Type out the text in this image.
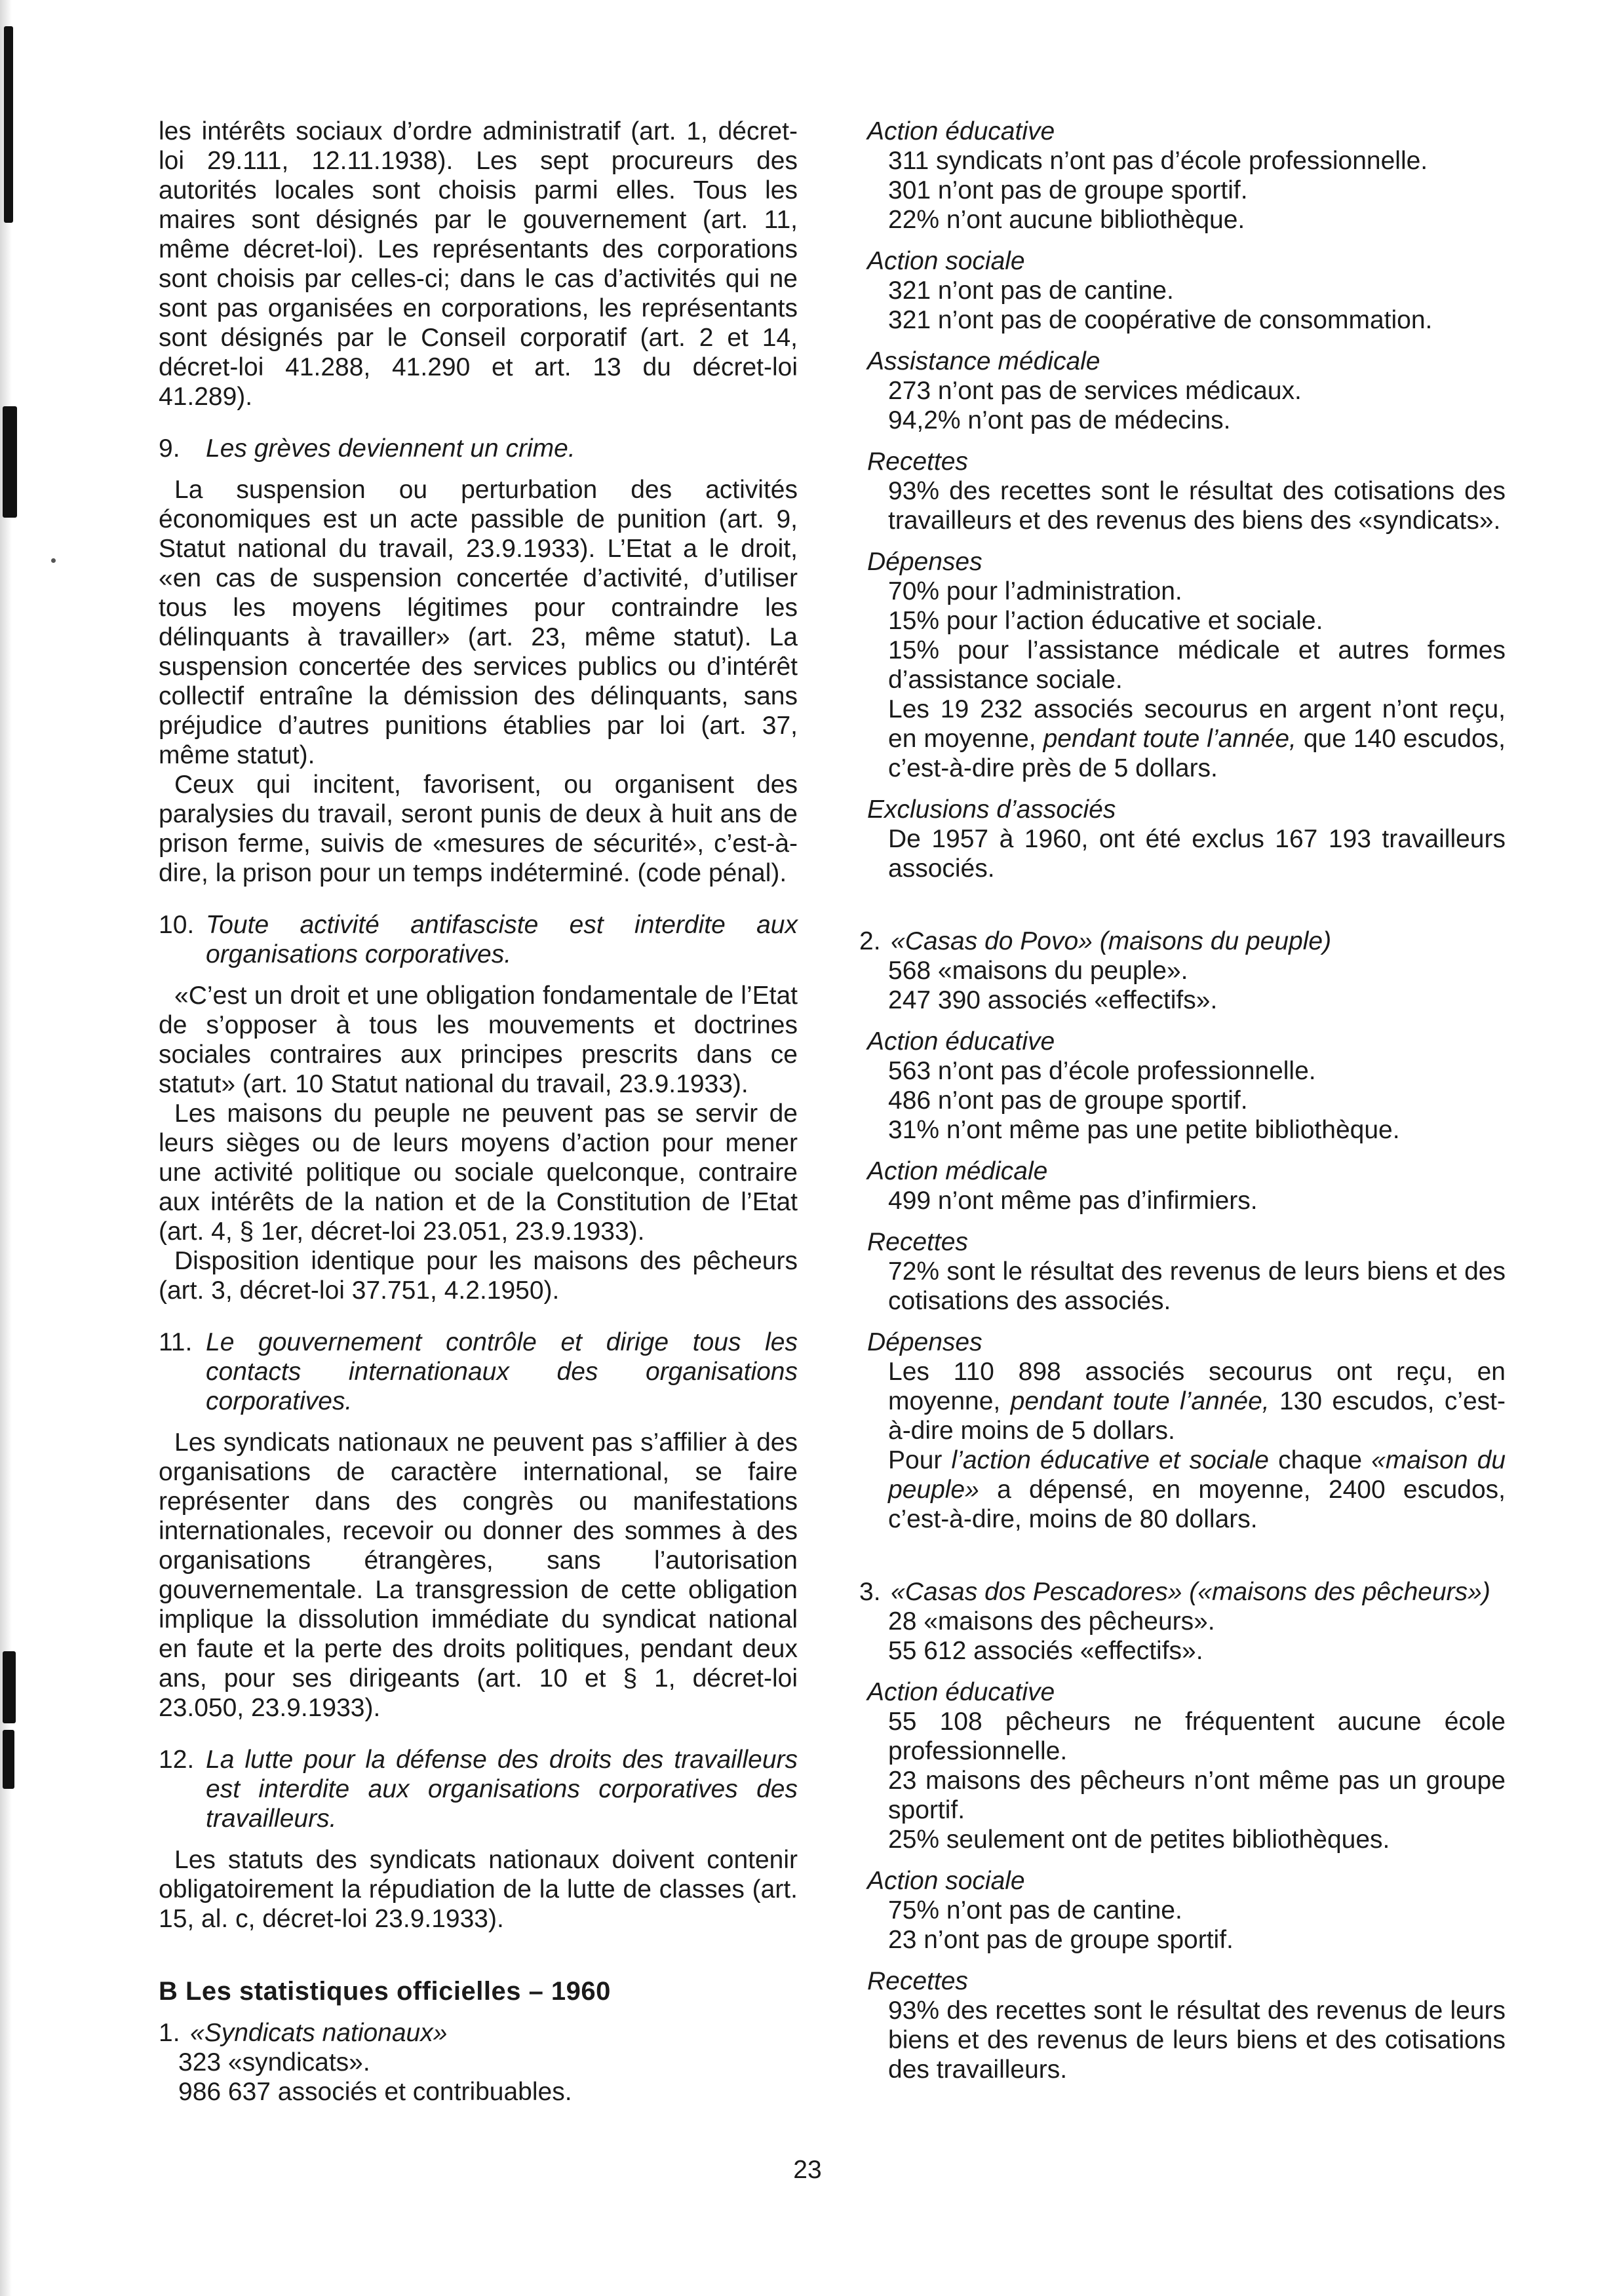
les intérêts sociaux d’ordre administratif (art. 1, décret-loi 29.111, 12.11.1938). Les sept procureurs des autorités locales sont choisis parmi elles. Tous les maires sont désignés par le gouvernement (art. 11, même décret-loi). Les représentants des corporations sont choisis par celles-ci; dans le cas d’activités qui ne sont pas organisées en corporations, les représentants sont désignés par le Conseil corporatif (art. 2 et 14, décret-loi 41.288, 41.290 et art. 13 du décret-loi 41.289).

9.	Les grèves deviennent un crime.

La suspension ou perturbation des activités économiques est un acte passible de punition (art. 9, Statut national du travail, 23.9.1933). L’Etat a le droit, «en cas de suspension concertée d’activité, d’utiliser tous les moyens légitimes pour contraindre les délinquants à travailler» (art. 23, même statut). La suspension concertée des services publics ou d’intérêt collectif entraîne la démission des délinquants, sans préjudice d’autres punitions établies par loi (art. 37, même statut).

Ceux qui incitent, favorisent, ou organisent des paralysies du travail, seront punis de deux à huit ans de prison ferme, suivis de «mesures de sécurité», c’est-à-dire, la prison pour un temps indéterminé. (code pénal).

10. Toute activité antifasciste est interdite aux organisations corporatives.

«C’est un droit et une obligation fondamentale de l’Etat de s’opposer à tous les mouvements et doctrines sociales contraires aux principes prescrits dans ce statut» (art. 10 Statut national du travail, 23.9.1933).

Les maisons du peuple ne peuvent pas se servir de leurs sièges ou de leurs moyens d’action pour mener une activité politique ou sociale quelconque, contraire aux intérêts de la nation et de la Constitution de l’Etat (art. 4, § 1er, décret-loi 23.051, 23.9.1933).

Disposition identique pour les maisons des pêcheurs (art. 3, décret-loi 37.751, 4.2.1950).

11. Le gouvernement contrôle et dirige tous les contacts internationaux des organisations corporatives.

Les syndicats nationaux ne peuvent pas s’affilier à des organisations de caractère international, se faire représenter dans des congrès ou manifestations internationales, recevoir ou donner des sommes à des organisations étrangères, sans l’autorisation gouvernementale. La transgression de cette obligation implique la dissolution immédiate du syndicat national en faute et la perte des droits politiques, pendant deux ans, pour ses dirigeants (art. 10 et § 1, décret-loi 23.050, 23.9.1933).

12. La lutte pour la défense des droits des travailleurs est interdite aux organisations corporatives des travailleurs.

Les statuts des syndicats nationaux doivent contenir obligatoirement la répudiation de la lutte de classes (art. 15, al. c, décret-loi 23.9.1933).

B Les statistiques officielles – 1960

1. «Syndicats nationaux»

323 «syndicats».

986 637 associés et contribuables.

Action éducative

311 syndicats n’ont pas d’école professionnelle.

301 n’ont pas de groupe sportif.

22% n’ont aucune bibliothèque.

Action sociale

321 n’ont pas de cantine.

321 n’ont pas de coopérative de consommation.

Assistance médicale

273 n’ont pas de services médicaux.

94,2% n’ont pas de médecins.

Recettes

93% des recettes sont le résultat des cotisations des travailleurs et des revenus des biens des «syndicats».

Dépenses

70% pour l’administration.

15% pour l’action éducative et sociale.

15% pour l’assistance médicale et autres formes d’assistance sociale.

Les 19 232 associés secourus en argent n’ont reçu, en moyenne, pendant toute l’année, que 140 escudos, c’est-à-dire près de 5 dollars.

Exclusions d’associés

De 1957 à 1960, ont été exclus 167 193 travailleurs associés.

2. «Casas do Povo» (maisons du peuple)

568 «maisons du peuple».

247 390 associés «effectifs».

Action éducative

563 n’ont pas d’école professionnelle.

486 n’ont pas de groupe sportif.

31% n’ont même pas une petite bibliothèque.

Action médicale

499 n’ont même pas d’infirmiers.

Recettes

72% sont le résultat des revenus de leurs biens et des cotisations des associés.

Dépenses

Les 110 898 associés secourus ont reçu, en moyenne, pendant toute l’année, 130 escudos, c’est-à-dire moins de 5 dollars.

Pour l’action éducative et sociale chaque «maison du peuple» a dépensé, en moyenne, 2400 escudos, c’est-à-dire, moins de 80 dollars.

3. «Casas dos Pescadores» («maisons des pêcheurs»)

28 «maisons des pêcheurs».

55 612 associés «effectifs».

Action éducative

55 108 pêcheurs ne fréquentent aucune école professionnelle.

23 maisons des pêcheurs n’ont même pas un groupe sportif.

25% seulement ont de petites bibliothèques.

Action sociale

75% n’ont pas de cantine.

23 n’ont pas de groupe sportif.

Recettes

93% des recettes sont le résultat des revenus de leurs biens et des revenus de leurs biens et des cotisations des travailleurs.

23
